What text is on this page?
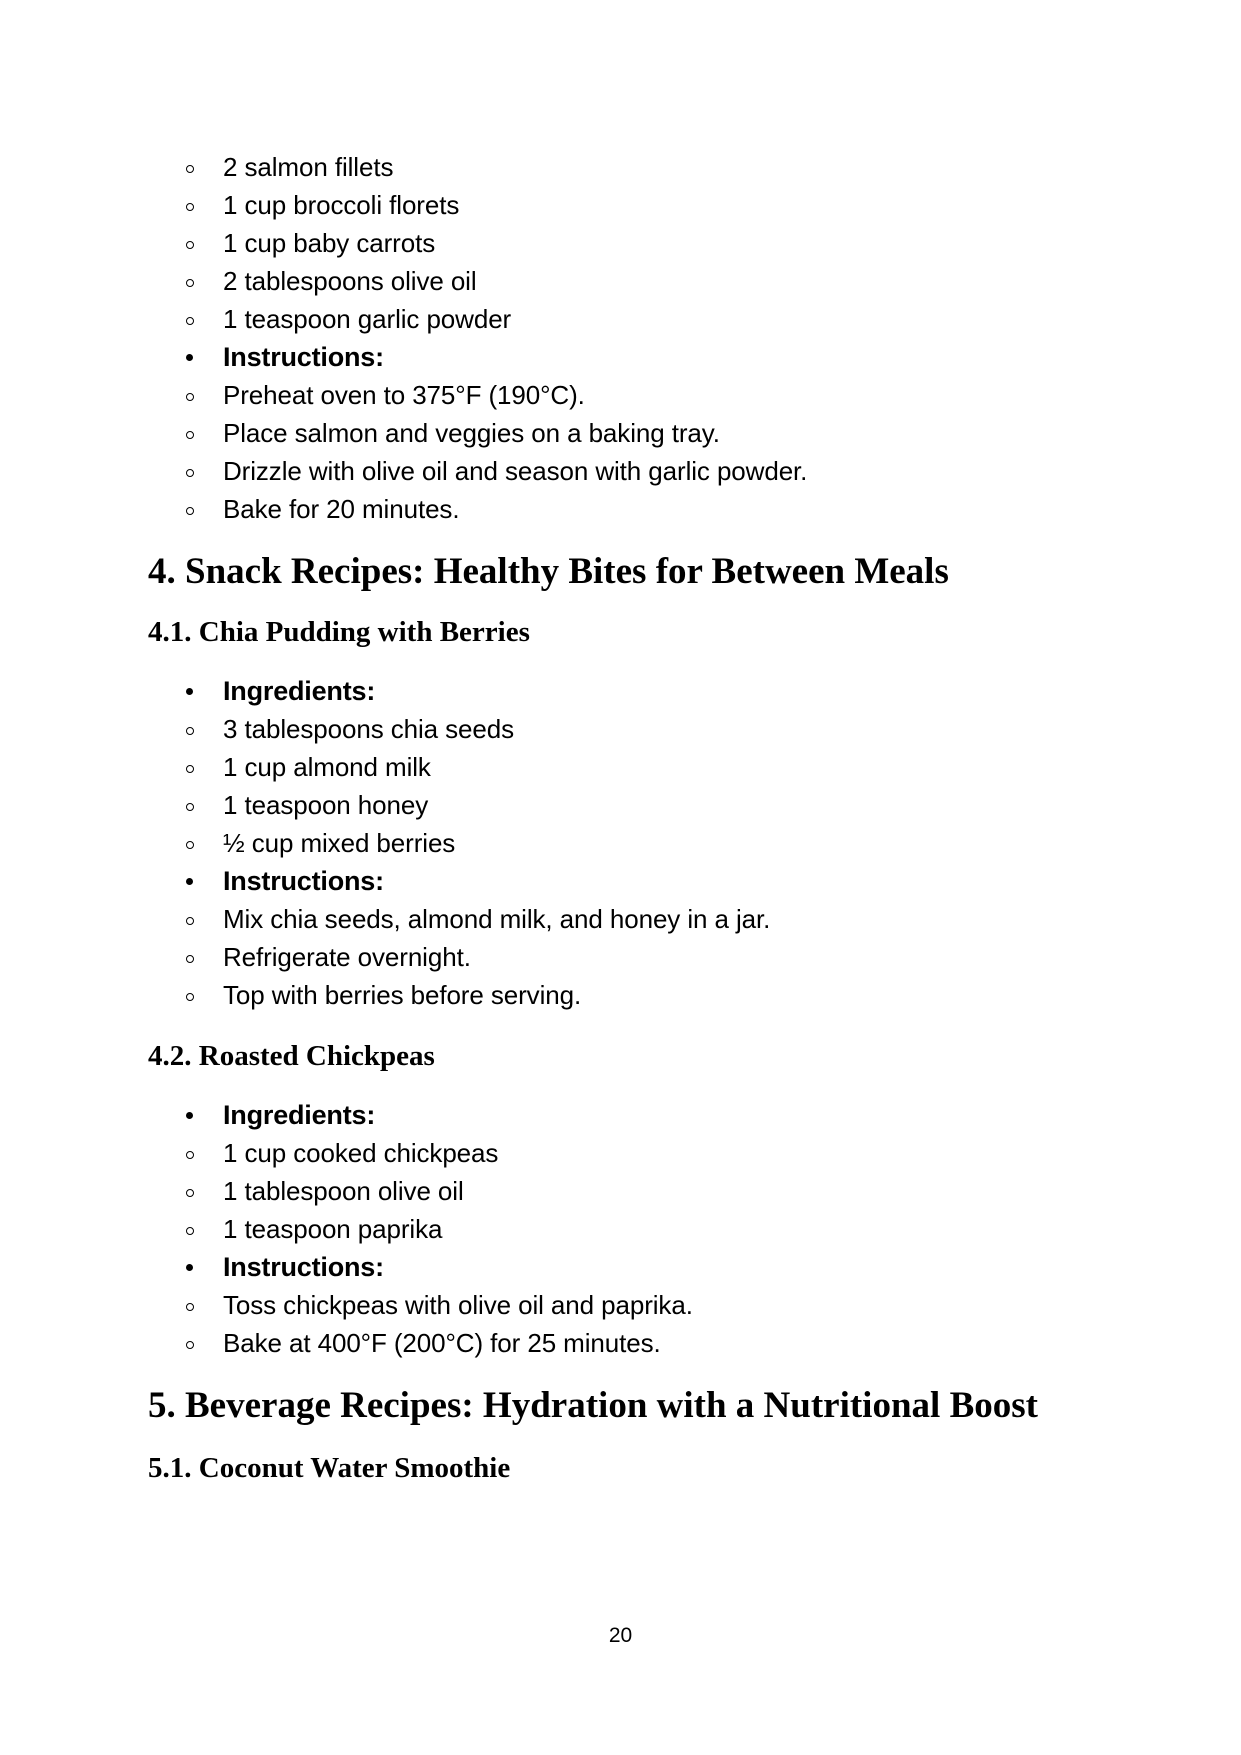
2 salmon fillets
1 cup broccoli florets
1 cup baby carrots
2 tablespoons olive oil
1 teaspoon garlic powder
Instructions:
Preheat oven to 375°F (190°C).
Place salmon and veggies on a baking tray.
Drizzle with olive oil and season with garlic powder.
Bake for 20 minutes.
4. Snack Recipes: Healthy Bites for Between Meals
4.1. Chia Pudding with Berries
Ingredients:
3 tablespoons chia seeds
1 cup almond milk
1 teaspoon honey
½ cup mixed berries
Instructions:
Mix chia seeds, almond milk, and honey in a jar.
Refrigerate overnight.
Top with berries before serving.
4.2. Roasted Chickpeas
Ingredients:
1 cup cooked chickpeas
1 tablespoon olive oil
1 teaspoon paprika
Instructions:
Toss chickpeas with olive oil and paprika.
Bake at 400°F (200°C) for 25 minutes.
5. Beverage Recipes: Hydration with a Nutritional Boost
5.1. Coconut Water Smoothie
20
